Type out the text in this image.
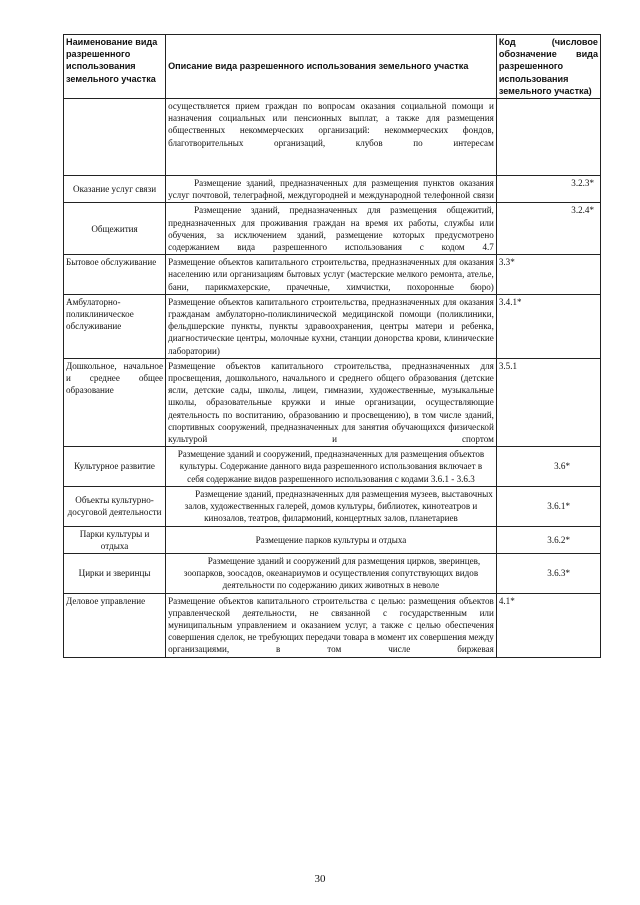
Наименование вида разрешенного использования земельного участка	Описание вида разрешенного использования земельного участка	Код (числовое обозначение вида разрешенного использования земельного участка)
	осуществляется прием граждан по вопросам оказания социальной помощи и назначения социальных или пенсионных выплат, а также для размещения общественных некоммерческих организаций: некоммерческих фондов, благотворительных организаций, клубов по интересам	
Оказание услуг связи	Размещение зданий, предназначенных для размещения пунктов оказания услуг почтовой, телеграфной, междугородней и международной телефонной связи	3.2.3*
Общежития	Размещение зданий, предназначенных для размещения общежитий, предназначенных для проживания граждан на время их работы, службы или обучения, за исключением зданий, размещение которых предусмотрено содержанием вида разрешенного использования с кодом 4.7	3.2.4*
Бытовое обслуживание	Размещение объектов капитального строительства, предназначенных для оказания населению или организациям бытовых услуг (мастерские мелкого ремонта, ателье, бани, парикмахерские, прачечные, химчистки, похоронные бюро)	3.3*
Амбулаторно-поликлиническое обслуживание	Размещение объектов капитального строительства, предназначенных для оказания гражданам амбулаторно-поликлинической медицинской помощи (поликлиники, фельдшерские пункты, пункты здравоохранения, центры матери и ребенка, диагностические центры, молочные кухни, станции донорства крови, клинические лаборатории)	3.4.1*
Дошкольное, начальное и среднее общее образование	Размещение объектов капитального строительства, предназначенных для просвещения, дошкольного, начального и среднего общего образования (детские ясли, детские сады, школы, лицеи, гимназии, художественные, музыкальные школы, образовательные кружки и иные организации, осуществляющие деятельность по воспитанию, образованию и просвещению), в том числе зданий, спортивных сооружений, предназначенных для занятия обучающихся физической культурой и спортом	3.5.1
Культурное развитие	Размещение зданий и сооружений, предназначенных для размещения объектов культуры. Содержание данного вида разрешенного использования включает в себя содержание видов разрешенного использования с кодами 3.6.1 - 3.6.3	3.6*
Объекты культурно-досуговой деятельности	Размещение зданий, предназначенных для размещения музеев, выставочных залов, художественных галерей, домов культуры, библиотек, кинотеатров и кинозалов, театров, филармоний, концертных залов, планетариев	3.6.1*
Парки культуры и отдыха	Размещение парков культуры и отдыха	3.6.2*
Цирки и зверинцы	Размещение зданий и сооружений для размещения цирков, зверинцев, зоопарков, зоосадов, океанариумов и осуществления сопутствующих видов деятельности по содержанию диких животных в неволе	3.6.3*
Деловое управление	Размещение объектов капитального строительства с целью: размещения объектов управленческой деятельности, не связанной с государственным или муниципальным управлением и оказанием услуг, а также с целью обеспечения совершения сделок, не требующих передачи товара в момент их совершения между организациями, в том числе биржевая	4.1*
30
